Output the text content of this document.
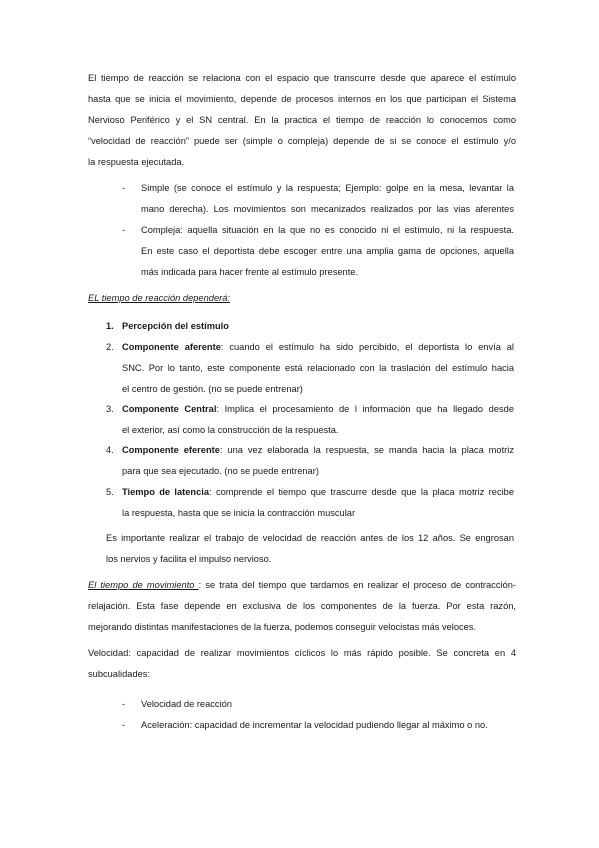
El tiempo de reacción se relaciona con el espacio que transcurre desde que aparece el estímulo
hasta que se inicia el movimiento, depende de procesos internos en los que participan el Sistema
Nervioso Periférico y el SN central. En la practica el tiempo de reacción lo conocemos como
“velocidad de reacción” puede ser (simple o compleja) depende de si se conoce el estímulo y/o
la respuesta ejecutada.
- Simple (se conoce el estímulo y la respuesta; Ejemplo: golpe en la mesa, levantar la
mano derecha). Los movimientos son mecanizados realizados por las vias aferentes
- Compleja: aquella situación en la que no es conocido ni el estímulo, ni la respuesta.
En este caso el deportista debe escoger entre una amplia gama de opciones, aquella
más indicada para hacer frente al estímulo presente.
EL tiempo de reacción dependerá:
1. Percepción del estímulo
2. Componente aferente: cuando el estímulo ha sido percibido, el deportista lo envía al
SNC. Por lo tanto, este componente está relacionado con la traslación del estímulo hacia
el centro de gestión. (no se puede entrenar)
3. Componente Central: Implica el procesamiento de l información que ha llegado desde
el exterior, así como la construcción de la respuesta.
4. Componente eferente: una vez elaborada la respuesta, se manda hacia la placa motriz
para que sea ejecutado. (no se puede entrenar)
5. Tiempo de latencia: comprende el tiempo que trascurre desde que la placa motriz recibe
la respuesta, hasta que se inicia la contracción muscular
Es importante realizar el trabajo de velocidad de reacción antes de los 12 años. Se engrosan
los nervios y facilita el impulso nervioso.
El tiempo de movimiento : se trata del tiempo que tardamos en realizar el proceso de contracción-
relajación. Esta fase depende en exclusiva de los componentes de la fuerza. Por esta razón,
mejorando distintas manifestaciones de la fuerza, podemos conseguir velocistas más veloces.
Velocidad: capacidad de realizar movimientos cíclicos lo más rápido posible. Se concreta en 4
subcualidades:
- Velocidad de reacción
- Aceleración: capacidad de incrementar la velocidad pudiendo llegar al máximo o no.
